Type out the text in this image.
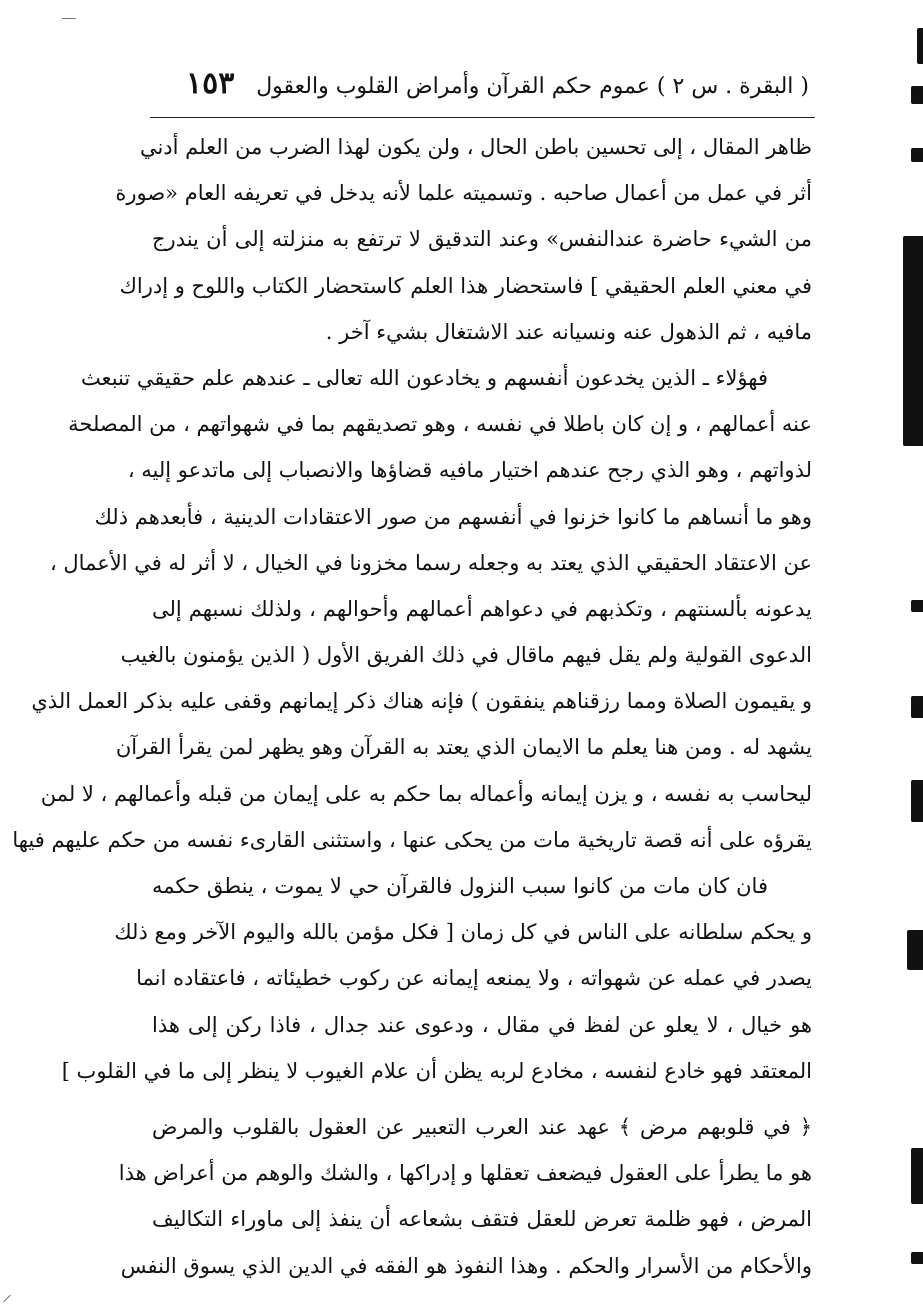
( البقرة . س ٢ ) عموم حكم القرآن وأمراض القلوب والعقول
١٥٣
ظاهر المقال ، إلى تحسين باطن الحال ، ولن يكون لهذا الضرب من العلم أدني
أثر في عمل من أعمال صاحبه . وتسميته علما لأنه يدخل في تعريفه العام «صورة
من الشيء حاضرة عندالنفس» وعند التدقيق لا ترتفع به منزلته إلى أن يندرج
في معني العلم الحقيقي ] فاستحضار هذا العلم كاستحضار الكتاب واللوح و إدراك
مافيه ، ثم الذهول عنه ونسيانه عند الاشتغال بشيء آخر .
فهؤلاء ـ الذين يخدعون أنفسهم و يخادعون الله تعالى ـ عندهم علم حقيقي تنبعث
عنه أعمالهم ، و إن كان باطلا في نفسه ، وهو تصديقهم بما في شهواتهم ، من المصلحة
لذواتهم ، وهو الذي رجح عندهم اختيار مافيه قضاؤها والانصباب إلى ماتدعو إليه ،
وهو ما أنساهم ما كانوا خزنوا في أنفسهم من صور الاعتقادات الدينية ، فأبعدهم ذلك
عن الاعتقاد الحقيقي الذي يعتد به وجعله رسما مخزونا في الخيال ، لا أثر له في الأعمال ،
يدعونه بألسنتهم ، وتكذبهم في دعواهم أعمالهم وأحوالهم ، ولذلك نسبهم إلى
الدعوى القولية ولم يقل فيهم ماقال في ذلك الفريق الأول ( الذين يؤمنون بالغيب
و يقيمون الصلاة ومما رزقناهم ينفقون ) فإنه هناك ذكر إيمانهم وقفى عليه بذكر العمل الذي
يشهد له . ومن هنا يعلم ما الايمان الذي يعتد به القرآن وهو يظهر لمن يقرأ القرآن
ليحاسب به نفسه ، و يزن إيمانه وأعماله بما حكم به على إيمان من قبله وأعمالهم ، لا لمن
يقرؤه على أنه قصة تاريخية مات من يحكى عنها ، واستثنى القارىء نفسه من حكم عليهم فيها
فان كان مات من كانوا سبب النزول فالقرآن حي لا يموت ، ينطق حكمه
و يحكم سلطانه على الناس في كل زمان [ فكل مؤمن بالله واليوم الآخر ومع ذلك
يصدر في عمله عن شهواته ، ولا يمنعه إيمانه عن ركوب خطيئاته ، فاعتقاده انما
هو خيال ، لا يعلو عن لفظ في مقال ، ودعوى عند جدال ، فاذا ركن إلى هذا
المعتقد فهو خادع لنفسه ، مخادع لربه يظن أن علام الغيوب لا ينظر إلى ما في القلوب ]
﴿ في قلوبهم مرض ﴾ عهد عند العرب التعبير عن العقول بالقلوب والمرض
هو ما يطرأ على العقول فيضعف تعقلها و إدراكها ، والشك والوهم من أعراض هذا
المرض ، فهو ظلمة تعرض للعقل فتقف بشعاعه أن ينفذ إلى ماوراء التكاليف
والأحكام من الأسرار والحكم . وهذا النفوذ هو الفقه في الدين الذي يسوق النفس
